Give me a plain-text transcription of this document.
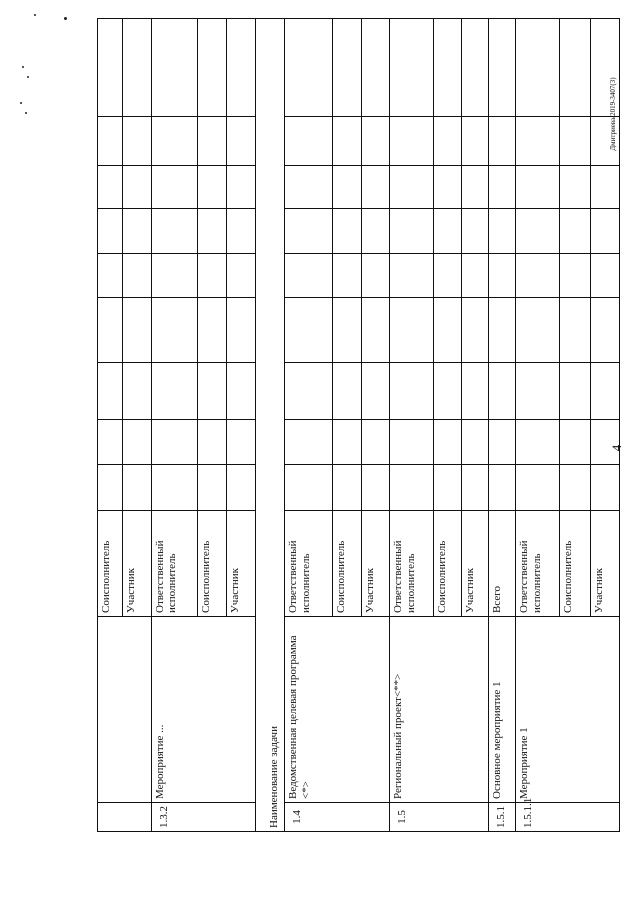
4
Дмитриева/2019-3407(3)
		Соисполнитель									
		Участник									
1.3.2	Мероприятие ...	Ответственный исполнитель									
		Соисполнитель									
		Участник									
Наименование задачи											
1.4	Ведомственная целевая программа <*>	Ответственный исполнитель									
		Соисполнитель									
		Участник									
1.5	Региональный проект<**>	Ответственный исполнитель									
		Соисполнитель									
		Участник									
1.5.1	Основное мероприятие 1	Всего									
1.5.1.1	Мероприятие 1	Ответственный исполнитель									
		Соисполнитель									
		Участник									
